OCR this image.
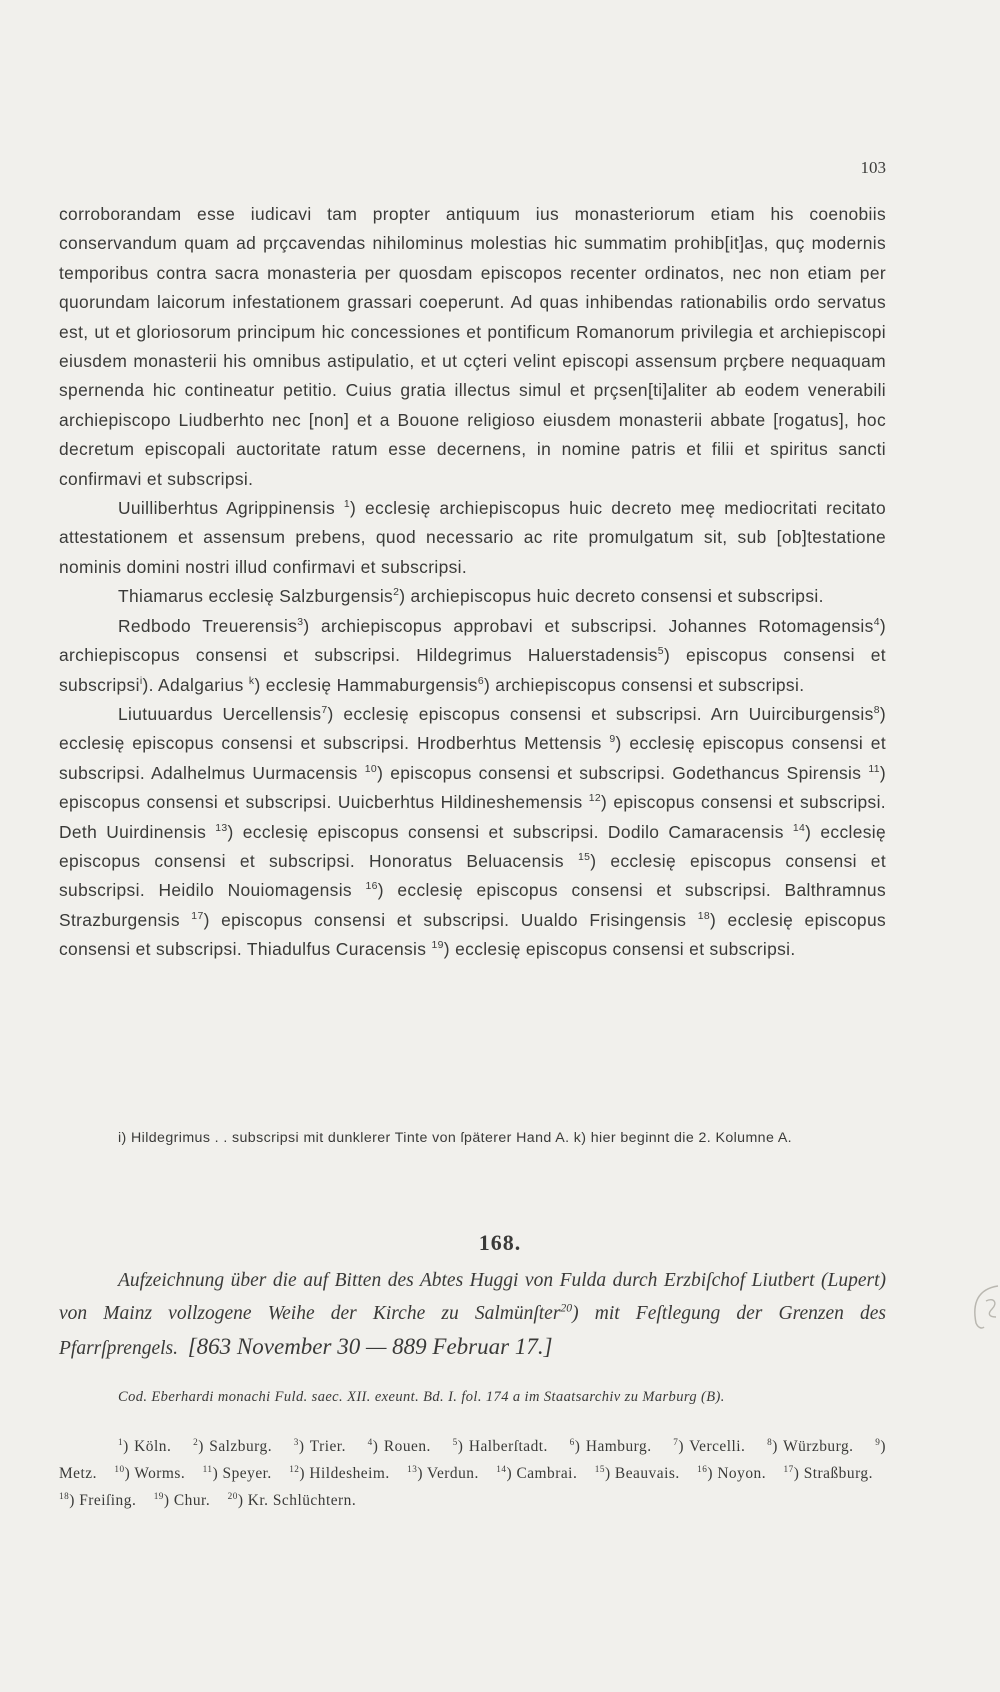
103

corroborandam esse iudicavi tam propter antiquum ius monasteriorum etiam his coenobiis conservandum quam ad prçcavendas nihilominus molestias hic summatim prohib[it]as, quç modernis temporibus contra sacra monasteria per quosdam episcopos recenter ordinatos, nec non etiam per quorundam laicorum infestationem grassari coeperunt. Ad quas inhibendas rationabilis ordo servatus est, ut et gloriosorum principum hic concessiones et pontificum Romanorum privilegia et archiepiscopi eiusdem monasterii his omnibus astipulatio, et ut cçteri velint episcopi assensum prçbere nequaquam spernenda hic contineatur petitio. Cuius gratia illectus simul et prçsen[ti]aliter ab eodem venerabili archiepiscopo Liudberhto nec [non] et a Bouone religioso eiusdem monasterii abbate [rogatus], hoc decretum episcopali auctoritate ratum esse decernens, in nomine patris et filii et spiritus sancti confirmavi et subscripsi.

Uuilliberhtus Agrippinensis $^1$) ecclesię archiepiscopus huic decreto meę mediocritati recitato attestationem et assensum prebens, quod necessario ac rite promulgatum sit, sub [ob]testatione nominis domini nostri illud confirmavi et subscripsi.

Thiamarus ecclesię Salzburgensis$^2$) archiepiscopus huic decreto consensi et subscripsi.

Redbodo Treuerensis$^3$) archiepiscopus approbavi et subscripsi. Johannes Rotomagensis$^4$) archiepiscopus consensi et subscripsi. Hildegrimus Haluerstadensis$^5$) episcopus consensi et subscripsi$^i$). Adalgarius $^k$) ecclesię Hammaburgensis$^6$) archiepiscopus consensi et subscripsi.

Liutuuardus Uercellensis$^7$) ecclesię episcopus consensi et subscripsi. Arn Uuirciburgensis$^8$) ecclesię episcopus consensi et subscripsi. Hrodberhtus Mettensis $^9$) ecclesię episcopus consensi et subscripsi. Adalhelmus Uurmacensis $^{10}$) episcopus consensi et subscripsi. Godethancus Spirensis $^{11}$) episcopus consensi et subscripsi. Uuicberhtus Hildineshemensis $^{12}$) episcopus consensi et subscripsi. Deth Uuirdinensis $^{13}$) ecclesię episcopus consensi et subscripsi. Dodilo Camaracensis $^{14}$) ecclesię episcopus consensi et subscripsi. Honoratus Beluacensis $^{15}$) ecclesię episcopus consensi et subscripsi. Heidilo Nouiomagensis $^{16}$) ecclesię episcopus consensi et subscripsi. Balthramnus Strazburgensis $^{17}$) episcopus consensi et subscripsi. Uualdo Frisingensis $^{18}$) ecclesię episcopus consensi et subscripsi. Thiadulfus Curacensis $^{19}$) ecclesię episcopus consensi et subscripsi.

i) Hildegrimus . . subscripsi mit dunklerer Tinte von ſpäterer Hand A. k) hier beginnt die 2. Kolumne A.

168.

Aufzeichnung über die auf Bitten des Abtes Huggi von Fulda durch Erzbiſchof Liutbert (Lupert) von Mainz vollzogene Weihe der Kirche zu Salmünſter$^{20}$) mit Feſtlegung der Grenzen des Pfarrſprengels. [863 November 30 — 889 Februar 17.]

Cod. Eberhardi monachi Fuld. saec. XII. exeunt. Bd. I. fol. 174 a im Staatsarchiv zu Marburg (B).

$^1$) Köln. $^2$) Salzburg. $^3$) Trier. $^4$) Rouen. $^5$) Halberſtadt. $^6$) Hamburg. $^7$) Vercelli. $^8$) Würzburg. $^9$) Metz. $^{10}$) Worms. $^{11}$) Speyer. $^{12}$) Hildesheim. $^{13}$) Verdun. $^{14}$) Cambrai. $^{15}$) Beauvais. $^{16}$) Noyon. $^{17}$) Straßburg.    $^{18}$) Freiſing. $^{19}$) Chur. $^{20}$) Kr. Schlüchtern.
